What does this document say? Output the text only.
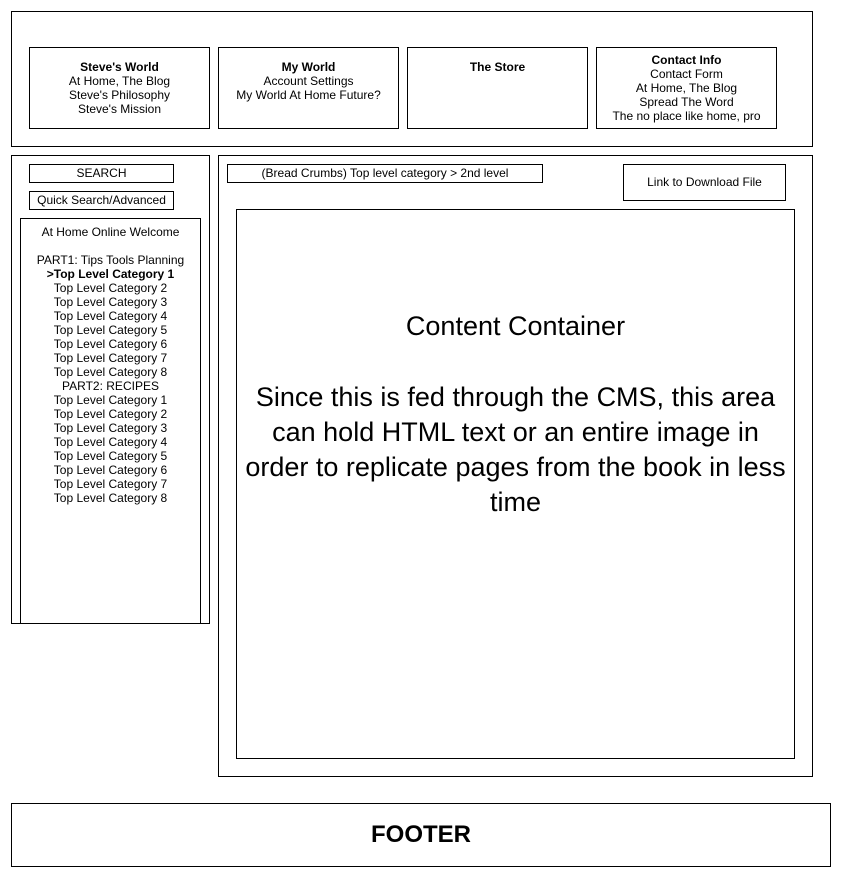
Steve's World
At Home, The Blog
Steve's Philosophy
Steve's Mission
My World
Account Settings
My World At Home Future?
The Store	Contact Info
Contact Form
At Home, The Blog
Spread The Word
The no place like home, pro
SEARCH
Quick Search/Advanced
At Home Online Welcome
PART1: Tips Tools Planning
>Top Level Category 1
Top Level Category 2
Top Level Category 3
Top Level Category 4
Top Level Category 5
Top Level Category 6
Top Level Category 7
Top Level Category 8
PART2: RECIPES
Top Level Category 1
Top Level Category 2
Top Level Category 3
Top Level Category 4
Top Level Category 5
Top Level Category 6
Top Level Category 7
Top Level Category 8
(Bread Crumbs) Top level category > 2nd level
Link to Download File
Content Container
Since this is fed through the CMS, this area can hold HTML text or an entire image in order to replicate pages from the book in less time
FOOTER
